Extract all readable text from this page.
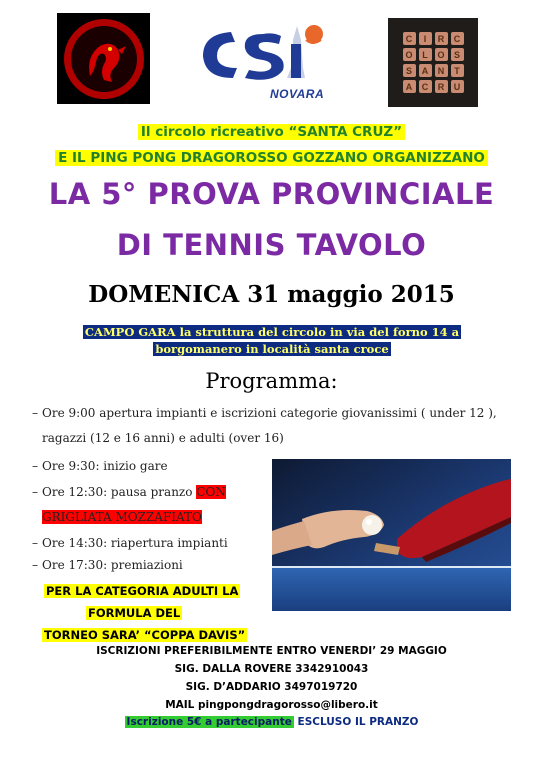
NOVARA
C	I	R	C
O	L	O	S
S	A	N	T
A	C	R	U
Il circolo ricreativo “SANTA CRUZ”
E IL PING PONG DRAGOROSSO GOZZANO ORGANIZZANO
LA 5° PROVA PROVINCIALE
DI TENNIS TAVOLO
DOMENICA 31 maggio 2015
CAMPO GARA la struttura del circolo in via del forno 14 a
borgomanero in località santa croce
Programma:
– Ore 9:00 apertura impianti e iscrizioni categorie giovanissimi ( under 12 ),
ragazzi (12 e 16 anni) e adulti (over 16)
– Ore 9:30: inizio gare
– Ore 12:30: pausa pranzo CON
GRIGLIATA MOZZAFIATO
– Ore 14:30: riapertura impianti
– Ore 17:30: premiazioni
PER LA CATEGORIA ADULTI LA
FORMULA DEL
TORNEO SARA’ “COPPA DAVIS”
ISCRIZIONI PREFERIBILMENTE ENTRO VENERDI’ 29 MAGGIO
SIG. DALLA ROVERE 3342910043
SIG. D’ADDARIO 3497019720
MAIL pingpongdragorosso@libero.it
Iscrizione 5€ a partecipante ESCLUSO IL PRANZO
